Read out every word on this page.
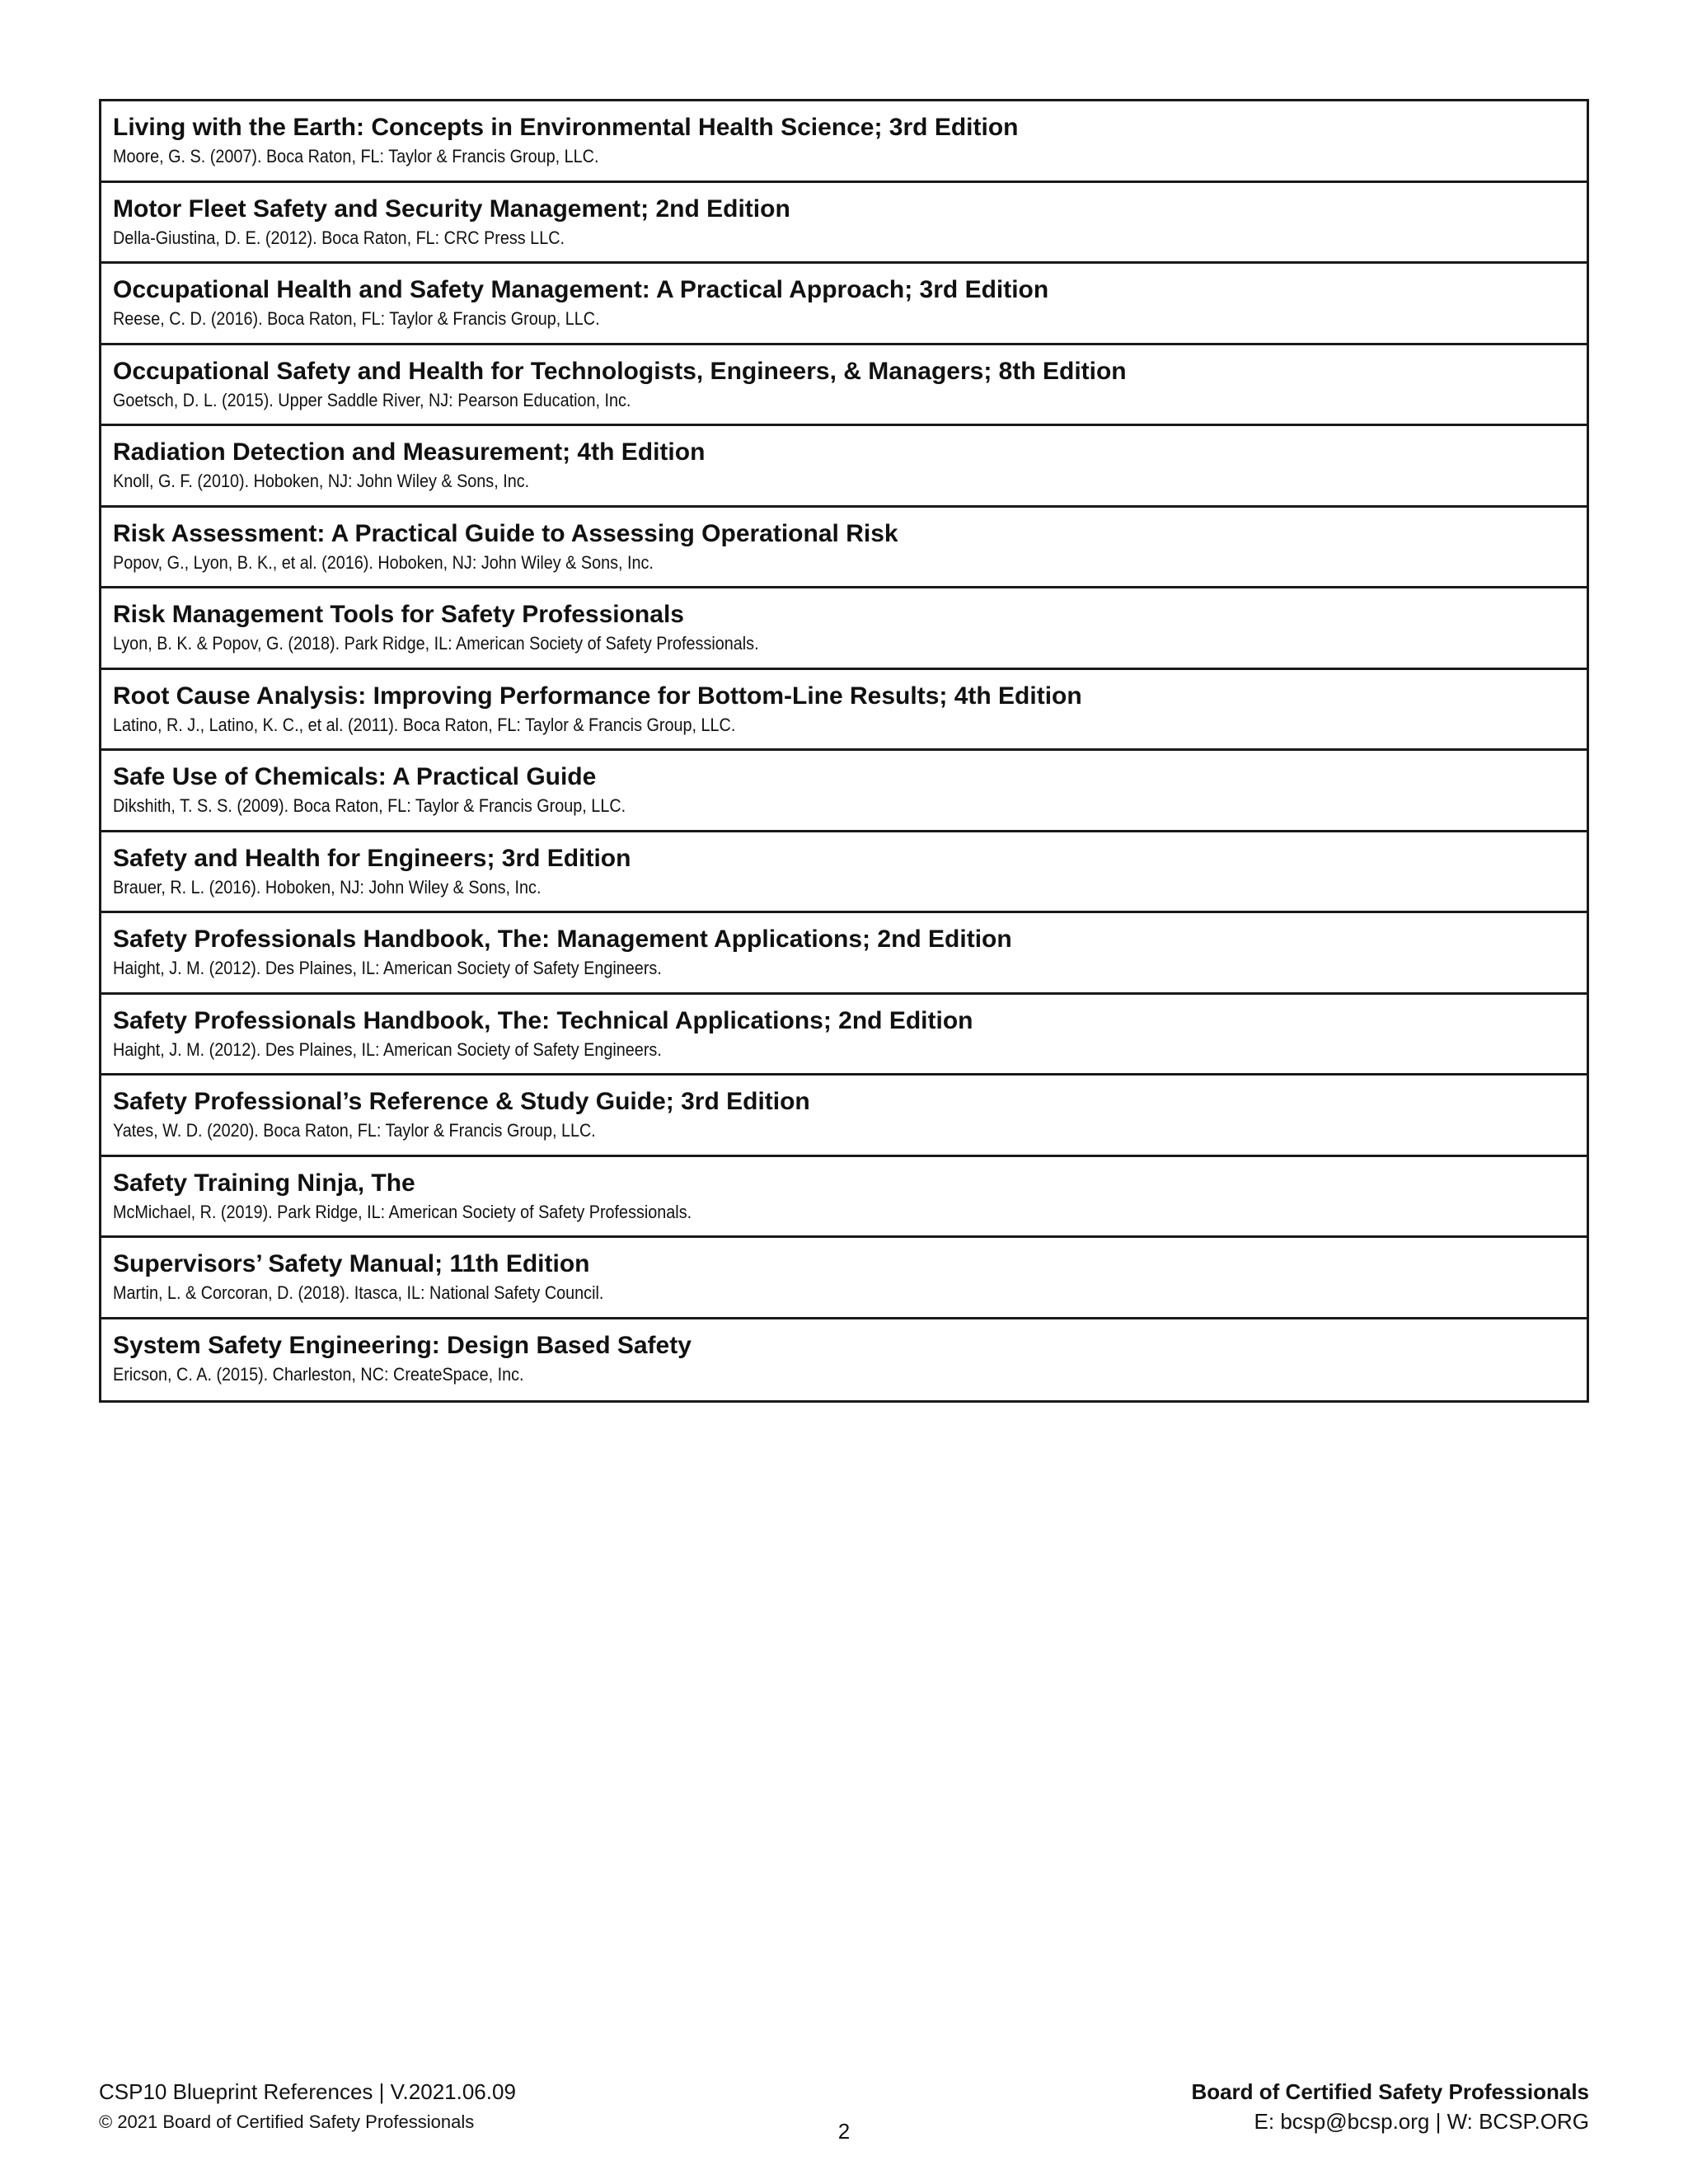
Living with the Earth: Concepts in Environmental Health Science; 3rd Edition
Moore, G. S. (2007). Boca Raton, FL: Taylor & Francis Group, LLC.
Motor Fleet Safety and Security Management; 2nd Edition
Della-Giustina, D. E. (2012). Boca Raton, FL: CRC Press LLC.
Occupational Health and Safety Management: A Practical Approach; 3rd Edition
Reese, C. D. (2016). Boca Raton, FL: Taylor & Francis Group, LLC.
Occupational Safety and Health for Technologists, Engineers, & Managers; 8th Edition
Goetsch, D. L. (2015). Upper Saddle River, NJ: Pearson Education, Inc.
Radiation Detection and Measurement; 4th Edition
Knoll, G. F. (2010). Hoboken, NJ: John Wiley & Sons, Inc.
Risk Assessment: A Practical Guide to Assessing Operational Risk
Popov, G., Lyon, B. K., et al. (2016). Hoboken, NJ: John Wiley & Sons, Inc.
Risk Management Tools for Safety Professionals
Lyon, B. K. & Popov, G. (2018). Park Ridge, IL: American Society of Safety Professionals.
Root Cause Analysis: Improving Performance for Bottom-Line Results; 4th Edition
Latino, R. J., Latino, K. C., et al. (2011). Boca Raton, FL: Taylor & Francis Group, LLC.
Safe Use of Chemicals: A Practical Guide
Dikshith, T. S. S. (2009). Boca Raton, FL: Taylor & Francis Group, LLC.
Safety and Health for Engineers; 3rd Edition
Brauer, R. L. (2016). Hoboken, NJ: John Wiley & Sons, Inc.
Safety Professionals Handbook, The: Management Applications; 2nd Edition
Haight, J. M. (2012). Des Plaines, IL: American Society of Safety Engineers.
Safety Professionals Handbook, The: Technical Applications; 2nd Edition
Haight, J. M. (2012). Des Plaines, IL: American Society of Safety Engineers.
Safety Professional’s Reference & Study Guide; 3rd Edition
Yates, W. D. (2020). Boca Raton, FL: Taylor & Francis Group, LLC.
Safety Training Ninja, The
McMichael, R. (2019). Park Ridge, IL: American Society of Safety Professionals.
Supervisors’ Safety Manual; 11th Edition
Martin, L. & Corcoran, D. (2018). Itasca, IL: National Safety Council.
System Safety Engineering: Design Based Safety
Ericson, C. A. (2015). Charleston, NC: CreateSpace, Inc.
CSP10 Blueprint References | V.2021.06.09
© 2021 Board of Certified Safety Professionals	2
Board of Certified Safety Professionals
E: bcsp@bcsp.org | W: BCSP.ORG
